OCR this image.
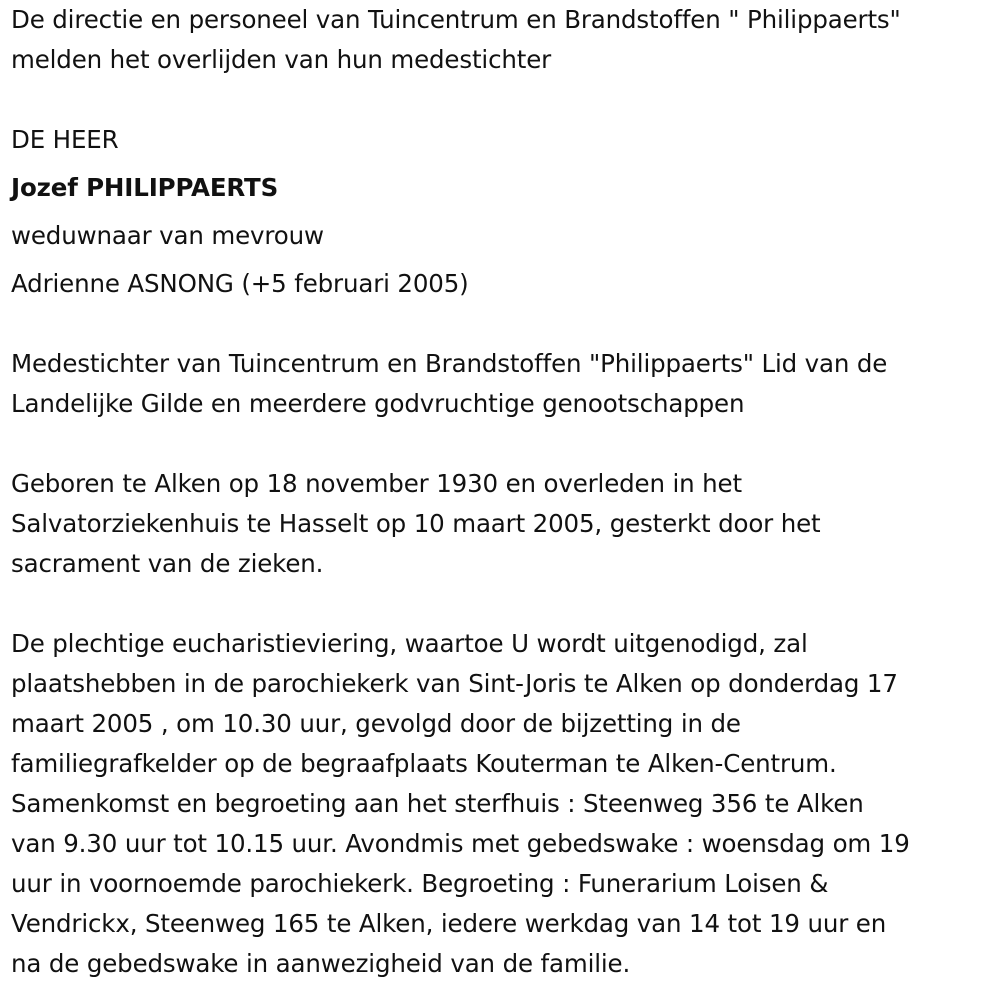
De directie en personeel van Tuincentrum en Brandstoffen " Philippaerts"
melden het overlijden van hun medestichter
DE HEER
Jozef PHILIPPAERTS
weduwnaar van mevrouw
Adrienne ASNONG (+5 februari 2005)
Medestichter van Tuincentrum en Brandstoffen "Philippaerts" Lid van de
Landelijke Gilde en meerdere godvruchtige genootschappen
Geboren te Alken op 18 november 1930 en overleden in het
Salvatorziekenhuis te Hasselt op 10 maart 2005, gesterkt door het
sacrament van de zieken.
De plechtige eucharistieviering, waartoe U wordt uitgenodigd, zal
plaatshebben in de parochiekerk van Sint-Joris te Alken op donderdag 17
maart 2005 , om 10.30 uur, gevolgd door de bijzetting in de
familiegrafkelder op de begraafplaats Kouterman te Alken-Centrum.
Samenkomst en begroeting aan het sterfhuis : Steenweg 356 te Alken
van 9.30 uur tot 10.15 uur. Avondmis met gebedswake : woensdag om 19
uur in voornoemde parochiekerk. Begroeting : Funerarium Loisen &
Vendrickx, Steenweg 165 te Alken, iedere werkdag van 14 tot 19 uur en
na de gebedswake in aanwezigheid van de familie.
